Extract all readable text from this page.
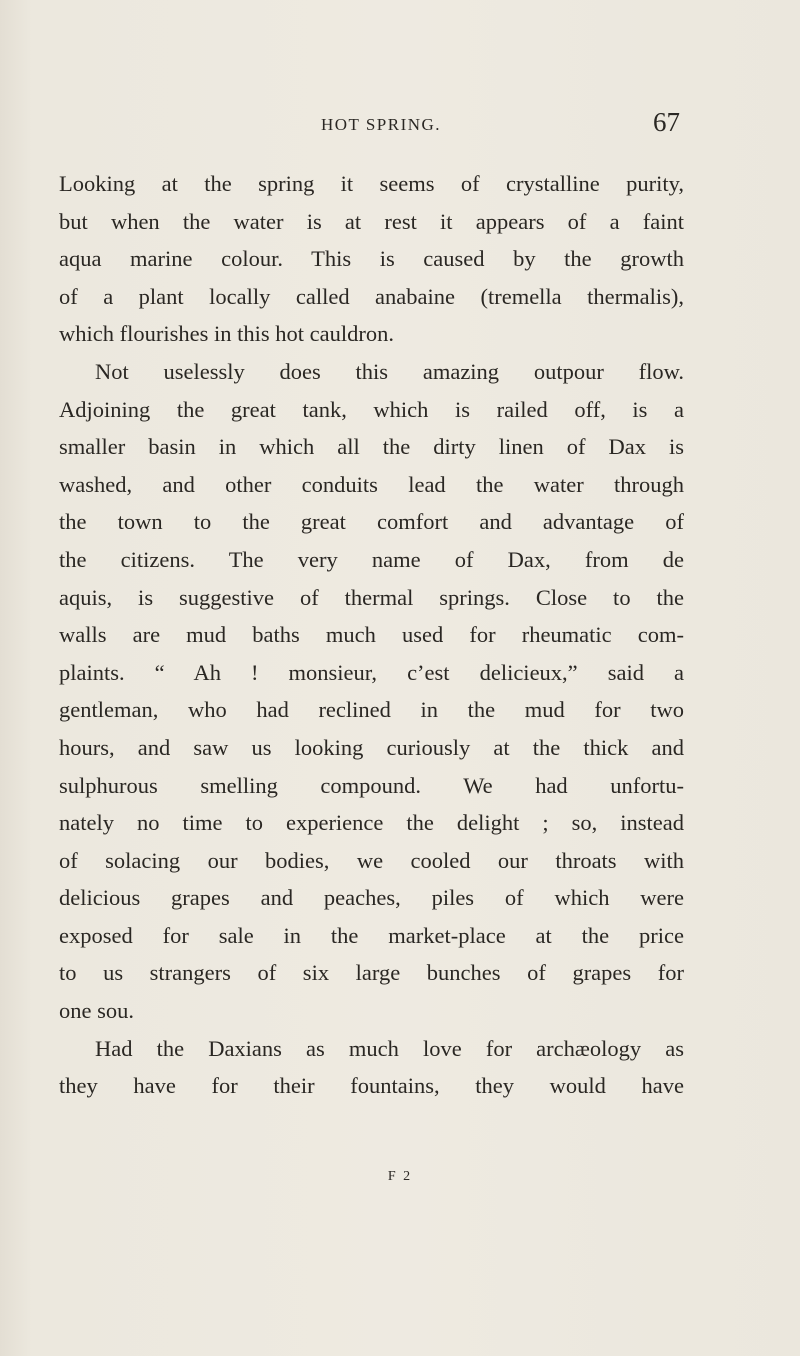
HOT SPRING.	67
Looking at the spring it seems of crystalline purity,
but when the water is at rest it appears of a faint
aqua marine colour. This is caused by the growth
of a plant locally called anabaine (tremella thermalis),
which flourishes in this hot cauldron.
Not uselessly does this amazing outpour flow.
Adjoining the great tank, which is railed off, is a
smaller basin in which all the dirty linen of Dax is
washed, and other conduits lead the water through
the town to the great comfort and advantage of
the citizens. The very name of Dax, from de
aquis, is suggestive of thermal springs. Close to the
walls are mud baths much used for rheumatic com-
plaints. “ Ah ! monsieur, c’est delicieux,” said a
gentleman, who had reclined in the mud for two
hours, and saw us looking curiously at the thick and
sulphurous smelling compound. We had unfortu-
nately no time to experience the delight ; so, instead
of solacing our bodies, we cooled our throats with
delicious grapes and peaches, piles of which were
exposed for sale in the market-place at the price
to us strangers of six large bunches of grapes for
one sou.
Had the Daxians as much love for archæology as
they have for their fountains, they would have
F 2
